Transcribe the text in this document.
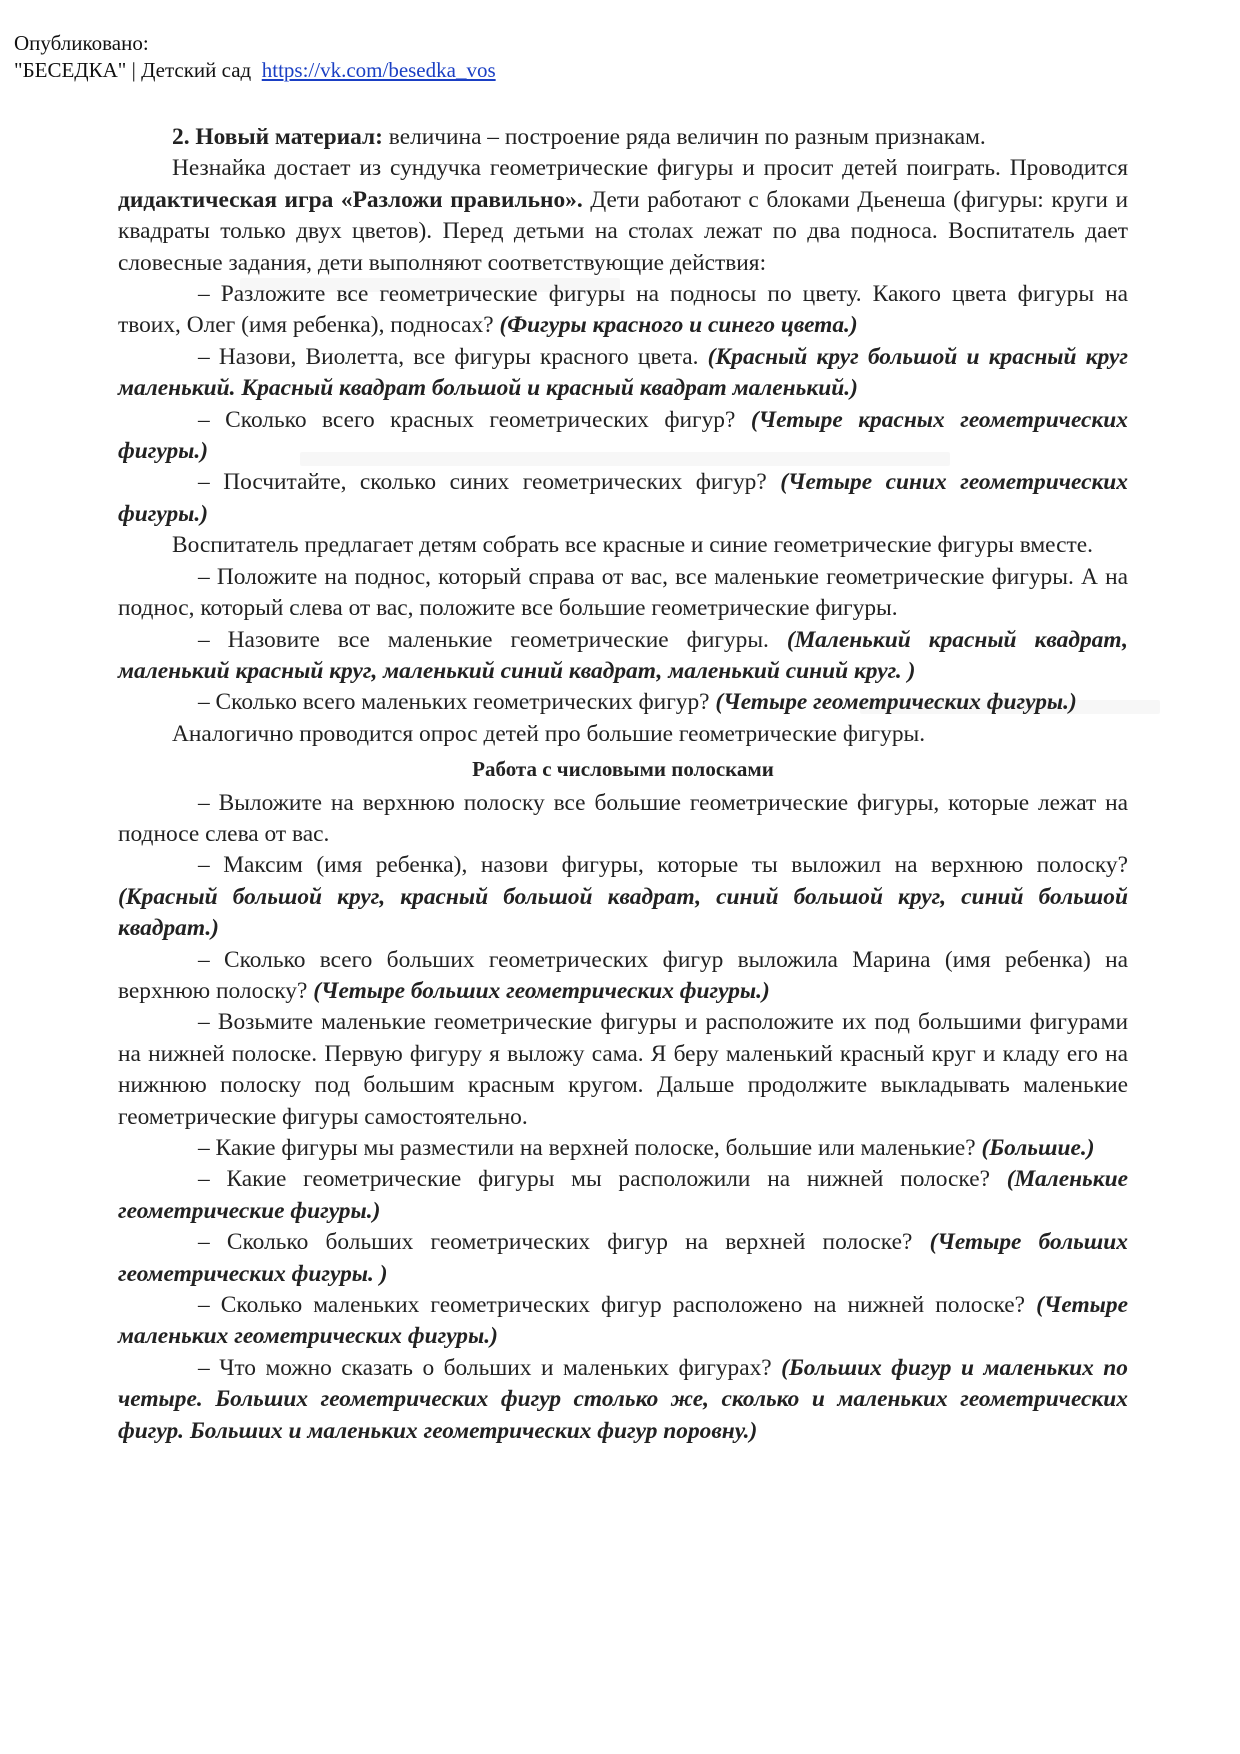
Опубликовано:
"БЕСЕДКА" | Детский сад https://vk.com/besedka_vos

2. Новый материал: величина – построение ряда величин по разным признакам.

Незнайка достает из сундучка геометрические фигуры и просит детей поиграть. Проводится дидактическая игра «Разложи правильно». Дети работают с блоками Дьенеша (фигуры: круги и квадраты только двух цветов). Перед детьми на столах лежат по два подноса. Воспитатель дает словесные задания, дети выполняют соответствующие действия:

– Разложите все геометрические фигуры на подносы по цвету. Какого цвета фигуры на твоих, Олег (имя ребенка), подносах? (Фигуры красного и синего цвета.)

– Назови, Виолетта, все фигуры красного цвета. (Красный круг большой и красный круг маленький. Красный квадрат большой и красный квадрат маленький.)

– Сколько всего красных геометрических фигур? (Четыре красных геометрических фигуры.)

– Посчитайте, сколько синих геометрических фигур? (Четыре синих геометрических фигуры.)

Воспитатель предлагает детям собрать все красные и синие геометрические фигуры вместе.

– Положите на поднос, который справа от вас, все маленькие геометрические фигуры. А на поднос, который слева от вас, положите все большие геометрические фигуры.

– Назовите все маленькие геометрические фигуры. (Маленький красный квадрат, маленький красный круг, маленький синий квадрат, маленький синий круг. )

– Сколько всего маленьких геометрических фигур? (Четыре геометрических фигуры.)

Аналогично проводится опрос детей про большие геометрические фигуры.

Работа с числовыми полосками

– Выложите на верхнюю полоску все большие геометрические фигуры, которые лежат на подносе слева от вас.

– Максим (имя ребенка), назови фигуры, которые ты выложил на верхнюю полоску? (Красный большой круг, красный большой квадрат, синий большой круг, синий большой квадрат.)

– Сколько всего больших геометрических фигур выложила Марина (имя ребенка) на верхнюю полоску? (Четыре больших геометрических фигуры.)

– Возьмите маленькие геометрические фигуры и расположите их под большими фигурами на нижней полоске. Первую фигуру я выложу сама. Я беру маленький красный круг и кладу его на нижнюю полоску под большим красным кругом. Дальше продолжите выкладывать маленькие геометрические фигуры самостоятельно.

– Какие фигуры мы разместили на верхней полоске, большие или маленькие? (Большие.)

– Какие геометрические фигуры мы расположили на нижней полоске? (Маленькие геометрические фигуры.)

– Сколько больших геометрических фигур на верхней полоске? (Четыре больших геометрических фигуры. )

– Сколько маленьких геометрических фигур расположено на нижней полоске? (Четыре маленьких геометрических фигуры.)

– Что можно сказать о больших и маленьких фигурах? (Больших фигур и маленьких по четыре. Больших геометрических фигур столько же, сколько и маленьких геометрических фигур. Больших и маленьких геометрических фигур поровну.)
